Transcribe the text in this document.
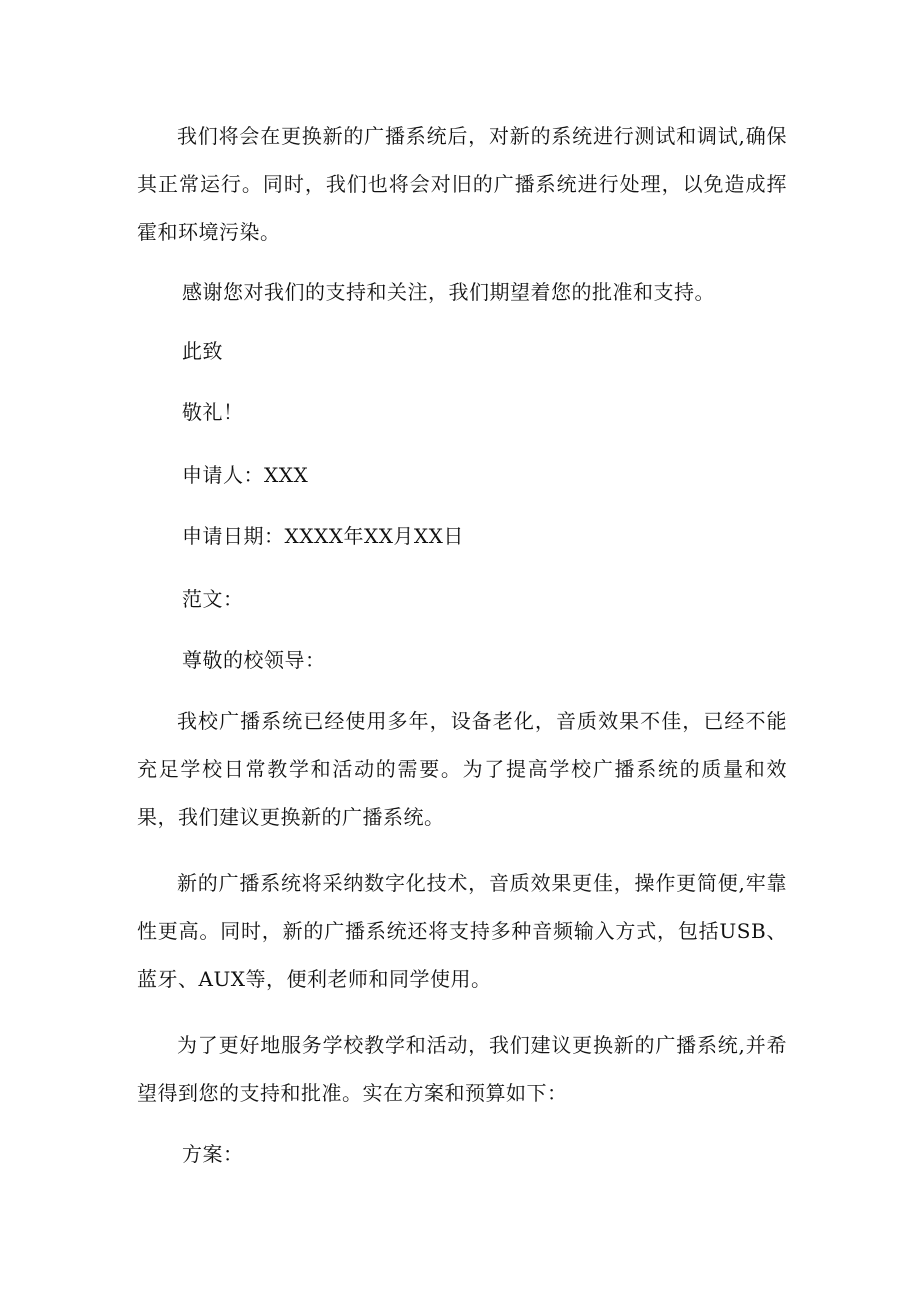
我们将会在更换新的广播系统后，对新的系统进行测试和调试,确保其正常运行。同时，我们也将会对旧的广播系统进行处理，以免造成挥霍和环境污染。

感谢您对我们的支持和关注，我们期望着您的批准和支持。

此致

敬礼！

申请人：XXX

申请日期：XXXX年XX月XX日

范文：

尊敬的校领导：

我校广播系统已经使用多年，设备老化，音质效果不佳，已经不能充足学校日常教学和活动的需要。为了提高学校广播系统的质量和效果，我们建议更换新的广播系统。

新的广播系统将采纳数字化技术，音质效果更佳，操作更简便,牢靠性更高。同时，新的广播系统还将支持多种音频输入方式，包括USB、蓝牙、AUX等，便利老师和同学使用。

为了更好地服务学校教学和活动，我们建议更换新的广播系统,并希望得到您的支持和批准。实在方案和预算如下：

方案：
